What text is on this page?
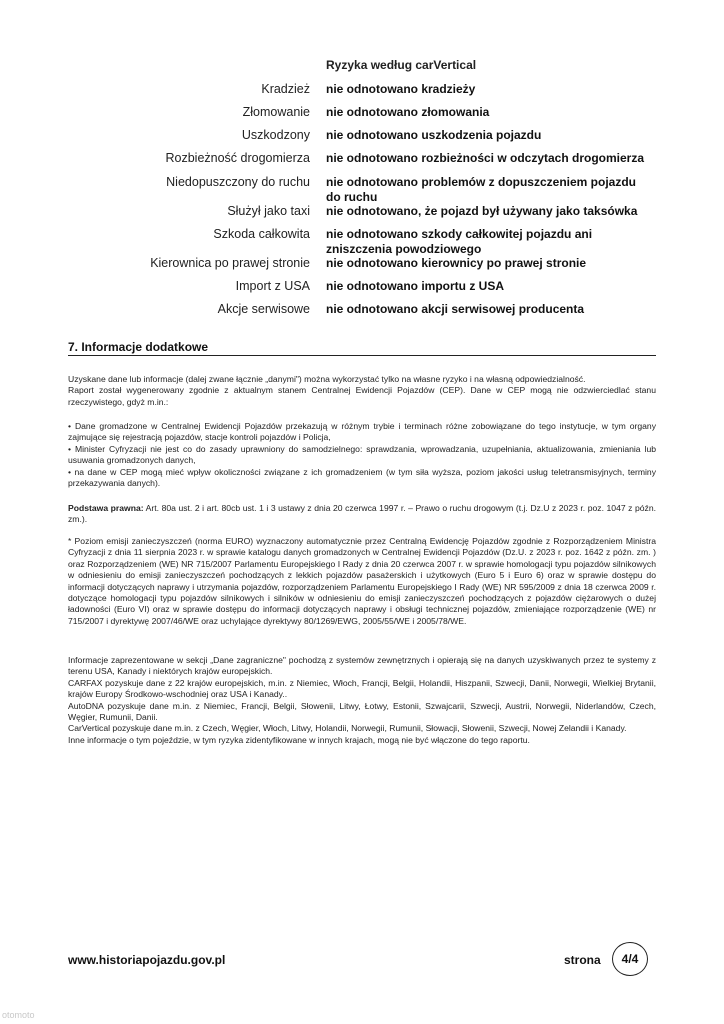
Ryzyka według carVertical
Kradzież nie odnotowano kradzieży
Złomowanie nie odnotowano złomowania
Uszkodzony nie odnotowano uszkodzenia pojazdu
Rozbieżność drogomierza nie odnotowano rozbieżności w odczytach drogomierza
Niedopuszczony do ruchu nie odnotowano problemów z dopuszczeniem pojazdu do ruchu
Służył jako taxi nie odnotowano, że pojazd był używany jako taksówka
Szkoda całkowita nie odnotowano szkody całkowitej pojazdu ani zniszczenia powodziowego
Kierownica po prawej stronie nie odnotowano kierownicy po prawej stronie
Import z USA nie odnotowano importu z USA
Akcje serwisowe nie odnotowano akcji serwisowej producenta
7. Informacje dodatkowe

Uzyskane dane lub informacje (dalej zwane łącznie „danymi") można wykorzystać tylko na własne ryzyko i na własną odpowiedzialność.

Raport został wygenerowany zgodnie z aktualnym stanem Centralnej Ewidencji Pojazdów (CEP). Dane w CEP mogą nie odzwierciedlać stanu rzeczywistego, gdyż m.in.:

• Dane gromadzone w Centralnej Ewidencji Pojazdów przekazują w różnym trybie i terminach różne zobowiązane do tego instytucje, w tym organy zajmujące się rejestracją pojazdów, stacje kontroli pojazdów i Policja,

• Minister Cyfryzacji nie jest co do zasady uprawniony do samodzielnego: sprawdzania, wprowadzania, uzupełniania, aktualizowania, zmieniania lub usuwania gromadzonych danych,

• na dane w CEP mogą mieć wpływ okoliczności związane z ich gromadzeniem (w tym siła wyższa, poziom jakości usług teletransmisyjnych, terminy przekazywania danych).

Podstawa prawna: Art. 80a ust. 2 i art. 80cb ust. 1 i 3 ustawy z dnia 20 czerwca 1997 r. – Prawo o ruchu drogowym (t.j. Dz.U z 2023 r. poz. 1047 z późn. zm.).

* Poziom emisji zanieczyszczeń (norma EURO) wyznaczony automatycznie przez Centralną Ewidencję Pojazdów zgodnie z Rozporządzeniem Ministra Cyfryzacji z dnia 11 sierpnia 2023 r. w sprawie katalogu danych gromadzonych w Centralnej Ewidencji Pojazdów (Dz.U. z 2023 r. poz. 1642 z późn. zm. ) oraz Rozporządzeniem (WE) NR 715/2007 Parlamentu Europejskiego I Rady z dnia 20 czerwca 2007 r. w sprawie homologacji typu pojazdów silnikowych w odniesieniu do emisji zanieczyszczeń pochodzących z lekkich pojazdów pasażerskich i użytkowych (Euro 5 i Euro 6) oraz w sprawie dostępu do informacji dotyczących naprawy i utrzymania pojazdów, rozporządzeniem Parlamentu Europejskiego I Rady (WE) NR 595/2009 z dnia 18 czerwca 2009 r. dotyczące homologacji typu pojazdów silnikowych i silników w odniesieniu do emisji zanieczyszczeń pochodzących z pojazdów ciężarowych o dużej ładowności (Euro VI) oraz w sprawie dostępu do informacji dotyczących naprawy i obsługi technicznej pojazdów, zmieniające rozporządzenie (WE) nr 715/2007 i dyrektywę 2007/46/WE oraz uchylające dyrektywy 80/1269/EWG, 2005/55/WE i 2005/78/WE.

Informacje zaprezentowane w sekcji „Dane zagraniczne" pochodzą z systemów zewnętrznych i opierają się na danych uzyskiwanych przez te systemy z terenu USA, Kanady i niektórych krajów europejskich.

CARFAX pozyskuje dane z 22 krajów europejskich, m.in. z Niemiec, Włoch, Francji, Belgii, Holandii, Hiszpanii, Szwecji, Danii, Norwegii, Wielkiej Brytanii, krajów Europy Środkowo-wschodniej oraz USA i Kanady..

AutoDNA pozyskuje dane m.in. z Niemiec, Francji, Belgii, Słowenii, Litwy, Łotwy, Estonii, Szwajcarii, Szwecji, Austrii, Norwegii, Niderlandów, Czech, Węgier, Rumunii, Danii.

CarVertical pozyskuje dane m.in. z Czech, Węgier, Włoch, Litwy, Holandii, Norwegii, Rumunii, Słowacji, Słowenii, Szwecji, Nowej Zelandii i Kanady.

Inne informacje o tym pojeździe, w tym ryzyka zidentyfikowane w innych krajach, mogą nie być włączone do tego raportu.

www.historiapojazdu.gov.pl	strona	4/4
otomoto
